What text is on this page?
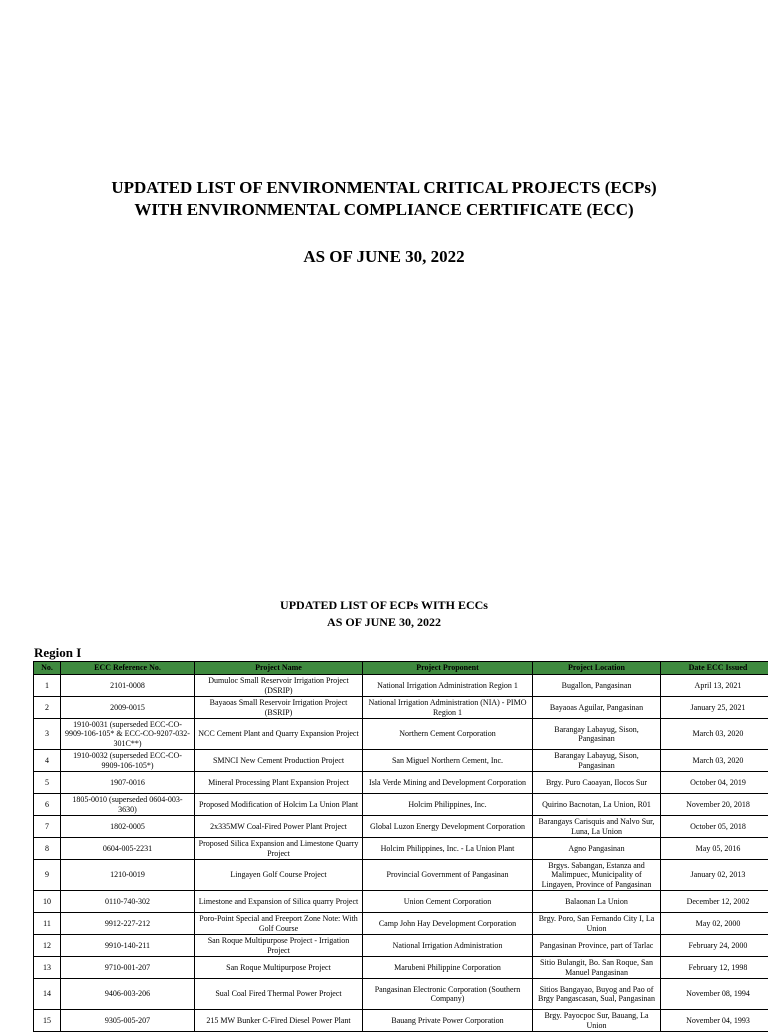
UPDATED LIST OF ENVIRONMENTAL CRITICAL PROJECTS (ECPs)
WITH ENVIRONMENTAL COMPLIANCE CERTIFICATE (ECC)
AS OF JUNE 30, 2022
UPDATED LIST OF ECPs WITH ECCs
AS OF JUNE 30, 2022
Region I
No.	ECC Reference No.	Project Name	Project Proponent	Project Location	Date ECC Issued
1	2101-0008	Dumuloc Small Reservoir Irrigation Project (DSRIP)	National Irrigation Administration Region 1	Bugallon, Pangasinan	April 13, 2021
2	2009-0015	Bayaoas Small Reservoir Irrigation Project (BSRIP)	National Irrigation Administration (NIA) - PIMO Region 1	Bayaoas Aguilar, Pangasinan	January 25, 2021
3	1910-0031 (superseded ECC-CO-9909-106-105* & ECC-CO-9207-032-301C**)	NCC Cement Plant and Quarry Expansion Project	Northern Cement Corporation	Barangay Labayug, Sison, Pangasinan	March 03, 2020
4	1910-0032 (superseded ECC-CO-9909-106-105*)	SMNCI New Cement Production Project	San Miguel Northern Cement, Inc.	Barangay Labayug, Sison, Pangasinan	March 03, 2020
5	1907-0016	Mineral Processing Plant Expansion Project	Isla Verde Mining and Development Corporation	Brgy. Puro Caoayan, Ilocos Sur	October 04, 2019
6	1805-0010 (superseded 0604-003-3630)	Proposed Modification of Holcim La Union Plant	Holcim Philippines, Inc.	Quirino Bacnotan, La Union, R01	November 20, 2018
7	1802-0005	2x335MW Coal-Fired Power Plant Project	Global Luzon Energy Development Corporation	Barangays Carisquis and Nalvo Sur, Luna, La Union	October 05, 2018
8	0604-005-2231	Proposed Silica Expansion and Limestone Quarry Project	Holcim Philippines, Inc. - La Union Plant	Agno Pangasinan	May 05, 2016
9	1210-0019	Lingayen Golf Course Project	Provincial Government of Pangasinan	Brgys. Sabangan, Estanza and Malimpuec, Municipality of Lingayen, Province of Pangasinan	January 02, 2013
10	0110-740-302	Limestone and Expansion of Silica quarry Project	Union Cement Corporation	Balaonan La Union	December 12, 2002
11	9912-227-212	Poro-Point Special and Freeport Zone Note: With Golf Course	Camp John Hay Development Corporation	Brgy. Poro, San Fernando City I, La Union	May 02, 2000
12	9910-140-211	San Roque Multipurpose Project - Irrigation Project	National Irrigation Administration	Pangasinan Province, part of Tarlac	February 24, 2000
13	9710-001-207	San Roque Multipurpose Project	Marubeni Philippine Corporation	Sitio Bulangit, Bo. San Roque, San Manuel Pangasinan	February 12, 1998
14	9406-003-206	Sual Coal Fired Thermal Power Project	Pangasinan Electronic Corporation (Southern Company)	Sitios Bangayao, Buyog and Pao of Brgy Pangascasan, Sual, Pangasinan	November 08, 1994
15	9305-005-207	215 MW Bunker C-Fired Diesel Power Plant	Bauang Private Power Corporation	Brgy. Payocpoc Sur, Bauang, La Union	November 04, 1993
